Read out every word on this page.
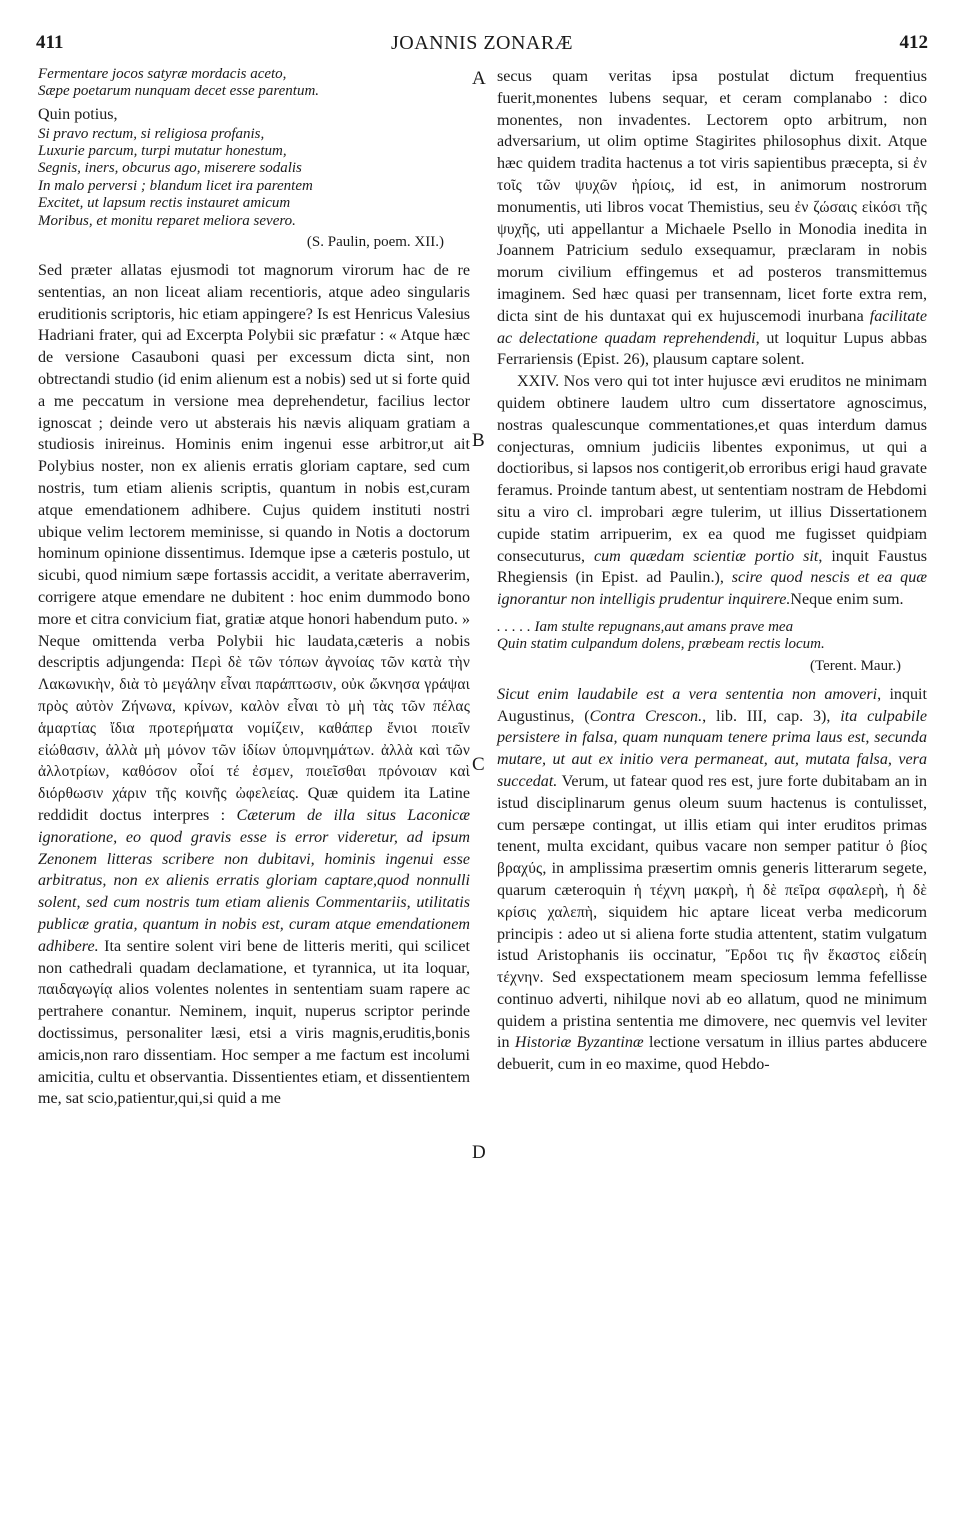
411	JOANNIS ZONARÆ	412
A
B
C
D

Fermentare jocos satyræ mordacis aceto,

Sæpe poetarum nunquam decet esse parentum.

Quin potius,

Si pravo rectum, si religiosa profanis,

Luxurie parcum, turpi mutatur honestum,

Segnis, iners, obcurus ago, miserere sodalis

In malo perversi ; blandum licet ira parentem

Excitet, ut lapsum rectis instauret amicum

Moribus, et monitu reparet meliora severo.

(S. Paulin, poem. XII.)

Sed præter allatas ejusmodi tot magnorum virorum hac de re sententias, an non liceat aliam recentioris, atque adeo singularis eruditionis scriptoris, hic etiam appingere? Is est Henricus Valesius Hadriani frater, qui ad Excerpta Polybii sic præfatur : « Atque hæc de versione Casauboni quasi per excessum dicta sint, non obtrectandi studio (id enim alienum est a nobis) sed ut si forte quid a me peccatum in versione mea deprehendetur, facilius lector ignoscat ; deinde vero ut absterais his nævis aliquam gratiam a studiosis inireinus. Hominis enim ingenui esse arbitror,ut ait Polybius noster, non ex alienis erratis gloriam captare, sed cum nostris, tum etiam alienis scriptis, quantum in nobis est,curam atque emendationem adhibere. Cujus quidem instituti nostri ubique velim lectorem meminisse, si quando in Notis a doctorum hominum opinione dissentimus. Idemque ipse a cæteris postulo, ut sicubi, quod nimium sæpe fortassis accidit, a veritate aberraverim, corrigere atque emendare ne dubitent : hoc enim dummodo bono more et citra convicium fiat, gratiæ atque honori habendum puto. » Neque omittenda verba Polybii hic laudata,cæteris a nobis descriptis adjungenda: Περὶ δὲ τῶν τόπων ἀγνοίας τῶν κατὰ τὴν Λακωνικὴν, διὰ τὸ μεγάλην εἶναι παράπτωσιν, οὐκ ὤκνησα γράψαι πρὸς αὐτὸν Ζήνωνα, κρίνων, καλὸν εἶναι τὸ μὴ τὰς τῶν πέλας ἁμαρτίας ἴδια προτερήματα νομίζειν, καθάπερ ἔνιοι ποιεῖν εἰώθασιν, ἀλλὰ μὴ μόνον τῶν ἰδίων ὑπομνημάτων. ἀλλὰ καὶ τῶν ἀλλοτρίων, καθόσον οἷοί τέ ἐσμεν, ποιεῖσθαι πρόνοιαν καὶ διόρθωσιν χάριν τῆς κοινῆς ὠφελείας. Quæ quidem ita Latine reddidit doctus interpres : Cæterum de illa situs Laconicæ ignoratione, eo quod gravis esse is error videretur, ad ipsum Zenonem litteras scribere non dubitavi, hominis ingenui esse arbitratus, non ex alienis erratis gloriam captare,quod nonnulli solent, sed cum nostris tum etiam alienis Commentariis, utilitatis publicæ gratia, quantum in nobis est, curam atque emendationem adhibere. Ita sentire solent viri bene de litteris meriti, qui scilicet non cathedrali quadam declamatione, et tyrannica, ut ita loquar, παιδαγωγίᾳ alios volentes nolentes in sententiam suam rapere ac pertrahere conantur. Neminem, inquit, nuperus scriptor perinde doctissimus, personaliter læsi, etsi a viris magnis,eruditis,bonis amicis,non raro dissentiam. Hoc semper a me factum est incolumi amicitia, cultu et observantia. Dissentientes etiam, et dissentientem me, sat scio,patientur,qui,si quid a me

secus quam veritas ipsa postulat dictum frequentius fuerit,monentes lubens sequar, et ceram complanabo : dico monentes, non invadentes. Lectorem opto arbitrum, non adversarium, ut olim optime Stagirites philosophus dixit. Atque hæc quidem tradita hactenus a tot viris sapientibus præcepta, si ἐν τοῖς τῶν ψυχῶν ἠρίοις, id est, in animorum nostrorum monumentis, uti libros vocat Themistius, seu ἐν ζώσαις εἰκόσι τῆς ψυχῆς, uti appellantur a Michaele Psello in Monodia inedita in Joannem Patricium sedulo exsequamur, præclaram in nobis morum civilium effingemus et ad posteros transmittemus imaginem. Sed hæc quasi per transennam, licet forte extra rem, dicta sint de his duntaxat qui ex hujuscemodi inurbana facilitate ac delectatione quadam reprehendendi, ut loquitur Lupus abbas Ferrariensis (Epist. 26), plausum captare solent.

XXIV. Nos vero qui tot inter hujusce ævi eruditos ne minimam quidem obtinere laudem ultro cum dissertatore agnoscimus, nostras qualescunque commentationes,et quas interdum damus conjecturas, omnium judiciis libentes exponimus, ut qui a doctioribus, si lapsos nos contigerit,ob erroribus erigi haud gravate feramus. Proinde tantum abest, ut sententiam nostram de Hebdomi situ a viro cl. improbari ægre tulerim, ut illius Dissertationem cupide statim arripuerim, ex ea quod me fugisset quidpiam consecuturus, cum quædam scientiæ portio sit, inquit Faustus Rhegiensis (in Epist. ad Paulin.), scire quod nescis et ea quæ ignorantur non intelligis prudentur inquirere.Neque enim sum.

. . . . . Iam stulte repugnans,aut amans prave mea

Quin statim culpandum dolens, præbeam rectis locum.

(Terent. Maur.)

Sicut enim laudabile est a vera sententia non amoveri, inquit Augustinus, (Contra Crescon., lib. III, cap. 3), ita culpabile persistere in falsa, quam nunquam tenere prima laus est, secunda mutare, ut aut ex initio vera permaneat, aut, mutata falsa, vera succedat. Verum, ut fatear quod res est, jure forte dubitabam an in istud disciplinarum genus oleum suum hactenus is contulisset, cum persæpe contingat, ut illis etiam qui inter eruditos primas tenent, multa excidant, quibus vacare non semper patitur ὁ βίος βραχύς, in amplissima præsertim omnis generis litterarum segete, quarum cæteroquin ἡ τέχνη μακρὴ, ἡ δὲ πεῖρα σφαλερὴ, ἡ δὲ κρίσις χαλεπὴ, siquidem hic aptare liceat verba medicorum principis : adeo ut si aliena forte studia attentent, statim vulgatum istud Aristophanis iis occinatur, Ἔρδοι τις ἣν ἕκαστος εἰδείη τέχνην. Sed exspectationem meam speciosum lemma fefellisse continuo adverti, nihilque novi ab eo allatum, quod ne minimum quidem a pristina sententia me dimovere, nec quemvis vel leviter in Historiæ Byzantinæ lectione versatum in illius partes abducere debuerit, cum in eo maxime, quod Hebdo-
